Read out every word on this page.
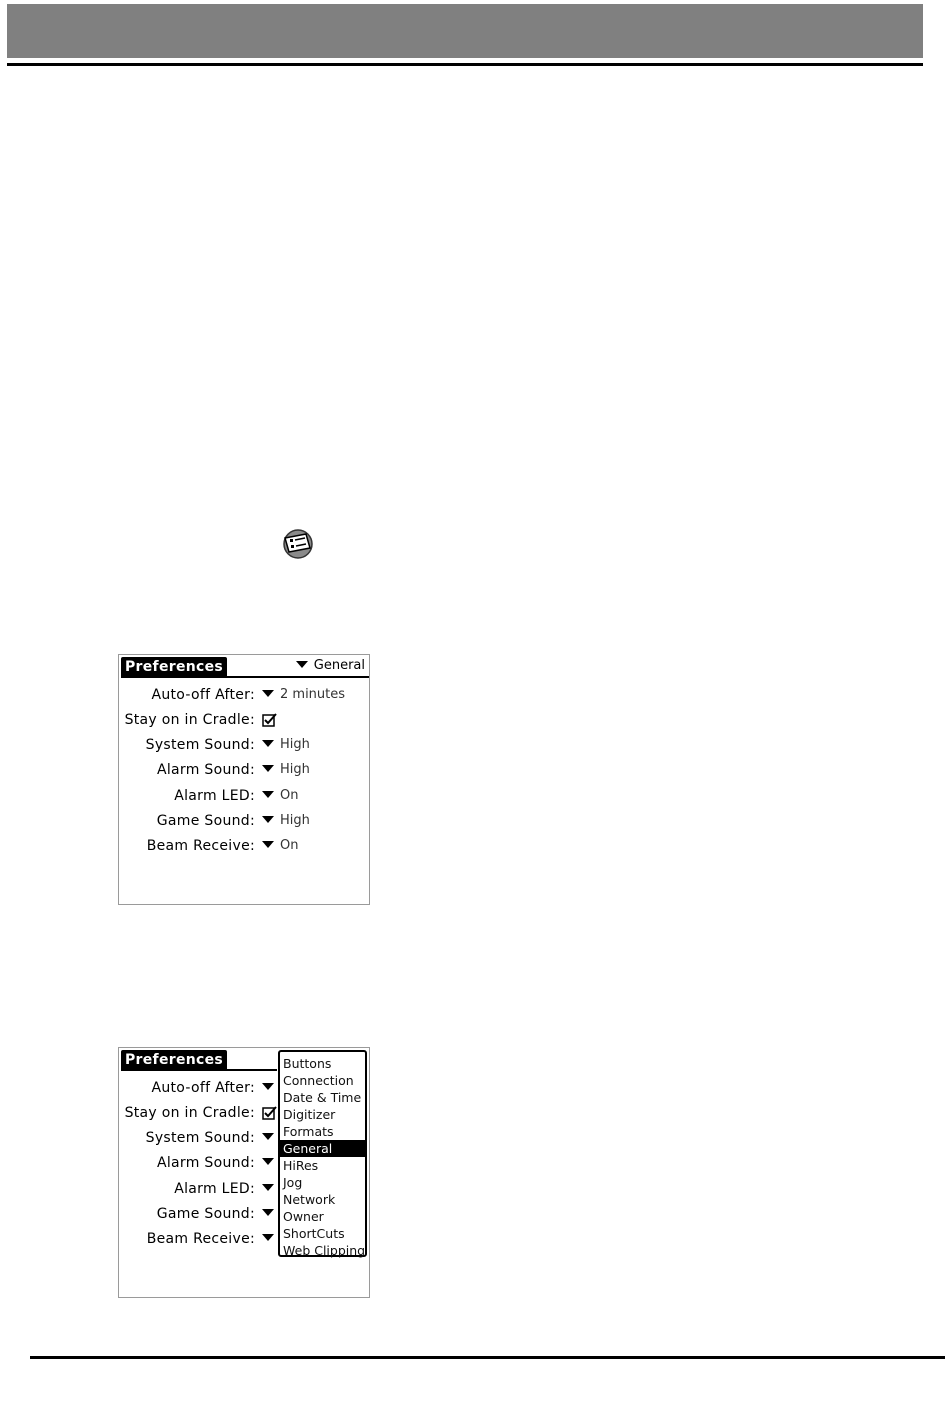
Preferences	General
Auto-off After:	2 minutes
Stay on in Cradle:
System Sound:	High
Alarm Sound:	High
Alarm LED:	On
Game Sound:	High
Beam Receive:	On
Preferences
Auto-off After:
Stay on in Cradle:
System Sound:
Alarm Sound:
Alarm LED:
Game Sound:
Beam Receive:
Buttons
Connection
Date & Time
Digitizer
Formats
General
HiRes
Jog
Network
Owner
ShortCuts
Web Clipping
